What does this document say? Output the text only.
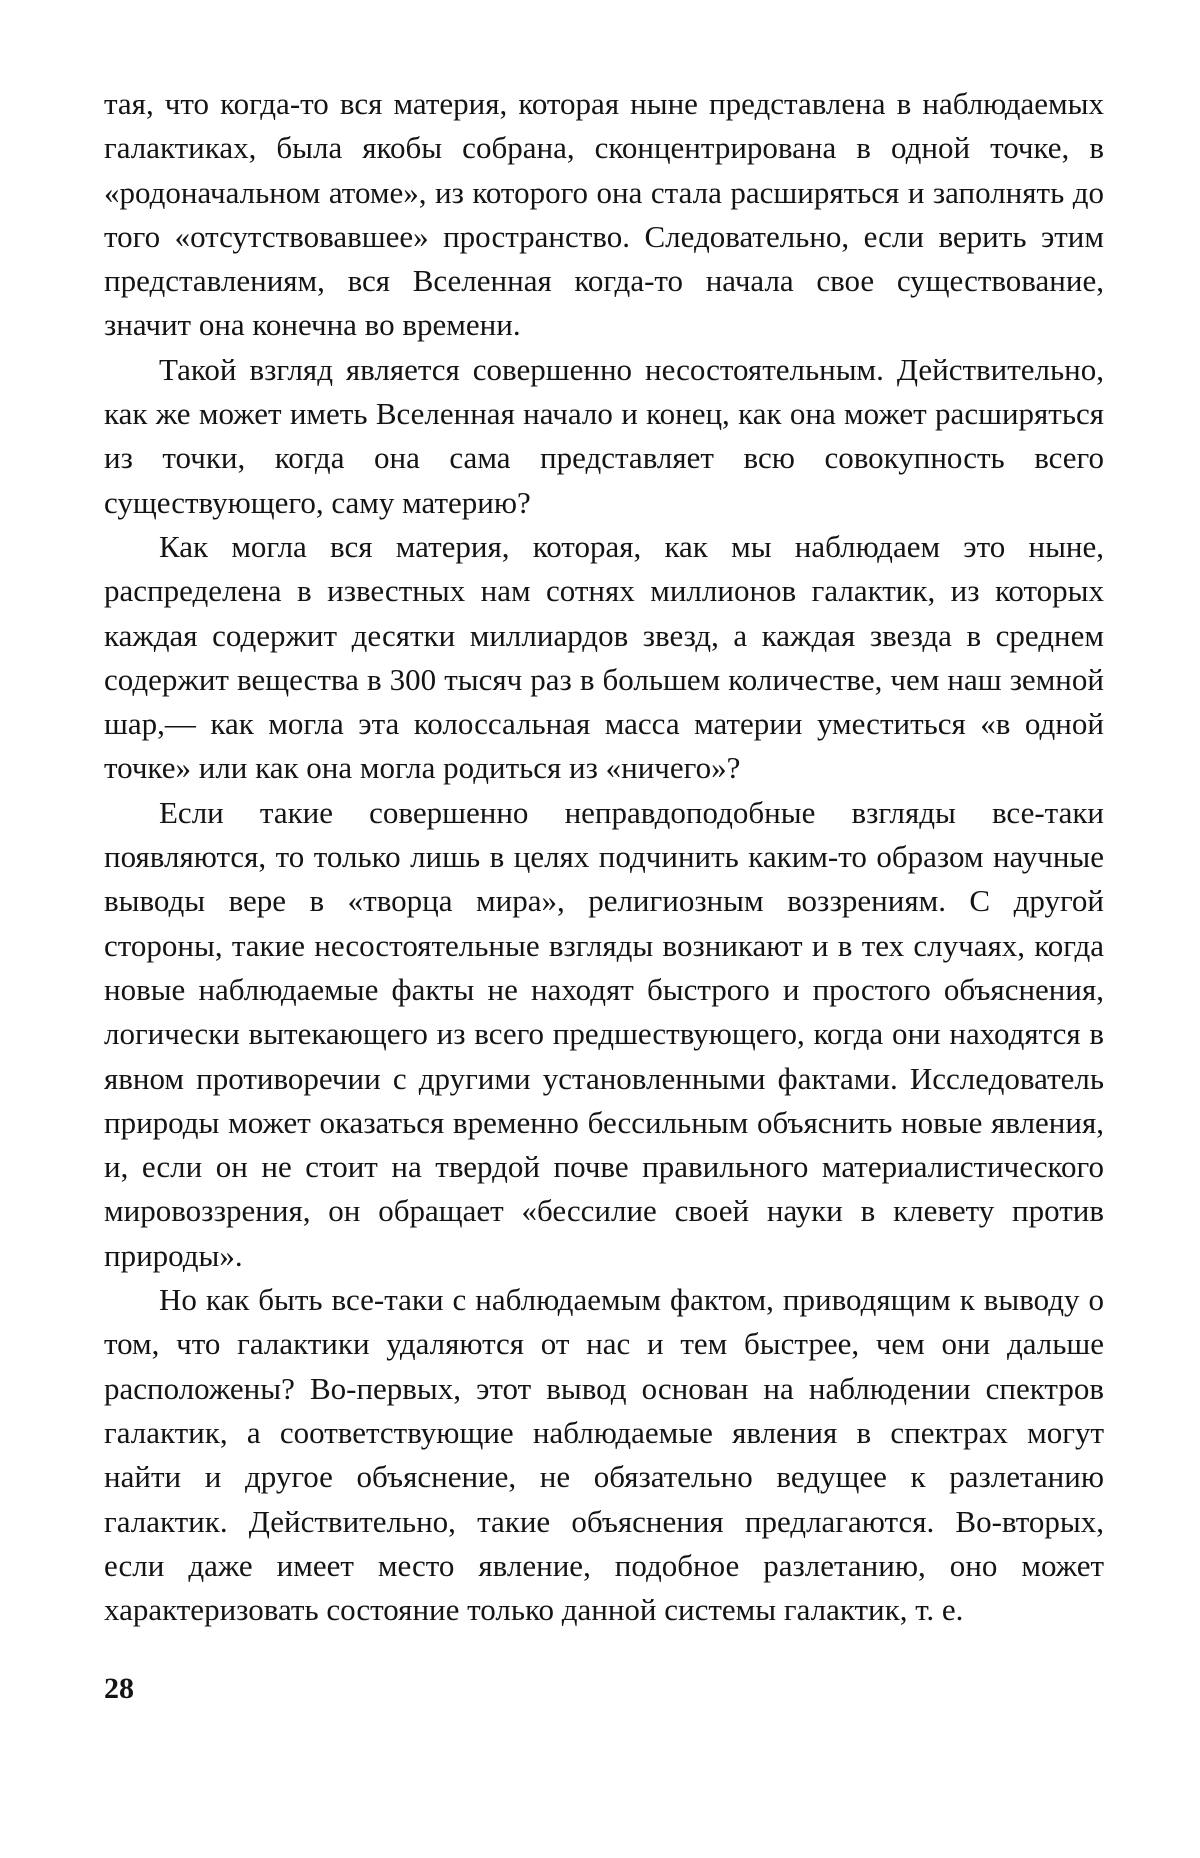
тая, что когда-то вся материя, которая ныне представлена в наблюдаемых галактиках, была якобы собрана, сконцентрирована в одной точке, в «родоначальном атоме», из которого она стала расширяться и заполнять до того «отсутствовавшее» пространство. Следовательно, если верить этим представлениям, вся Вселенная когда-то начала свое существование, значит она конечна во времени.

Такой взгляд является совершенно несостоятельным. Действительно, как же может иметь Вселенная начало и конец, как она может расширяться из точки, когда она сама представляет всю совокупность всего существующего, саму материю?

Как могла вся материя, которая, как мы наблюдаем это ныне, распределена в известных нам сотнях миллионов галактик, из которых каждая содержит десятки миллиардов звезд, а каждая звезда в среднем содержит вещества в 300 тысяч раз в большем количестве, чем наш земной шар,— как могла эта колоссальная масса материи уместиться «в одной точке» или как она могла родиться из «ничего»?

Если такие совершенно неправдоподобные взгляды все-таки появляются, то только лишь в целях подчинить каким-то образом научные выводы вере в «творца мира», религиозным воззрениям. С другой стороны, такие несостоятельные взгляды возникают и в тех случаях, когда новые наблюдаемые факты не находят быстрого и простого объяснения, логически вытекающего из всего предшествующего, когда они находятся в явном противоречии с другими установленными фактами. Исследователь природы может оказаться временно бессильным объяснить новые явления, и, если он не стоит на твердой почве правильного материалистического мировоззрения, он обращает «бессилие своей науки в клевету против природы».

Но как быть все-таки с наблюдаемым фактом, приводящим к выводу о том, что галактики удаляются от нас и тем быстрее, чем они дальше расположены? Во-первых, этот вывод основан на наблюдении спектров галактик, а соответствующие наблюдаемые явления в спектрах могут найти и другое объяснение, не обязательно ведущее к разлетанию галактик. Действительно, такие объяснения предлагаются. Во-вторых, если даже имеет место явление, подобное разлетанию, оно может характеризовать состояние только данной системы галактик, т. е.

28
